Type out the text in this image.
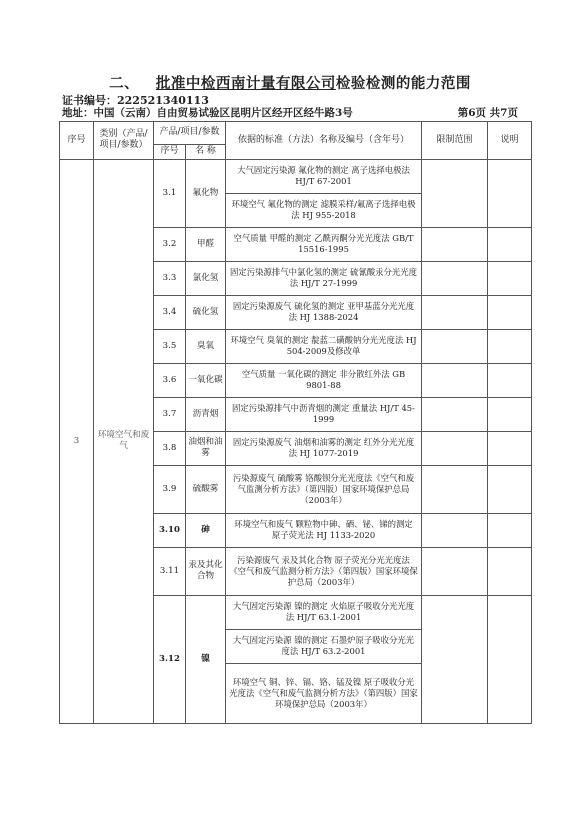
二、 批准中检西南计量有限公司检验检测的能力范围
证书编号：222521340113
地址：中国（云南）自由贸易试验区昆明片区经开区经牛路3号	第6页 共7页
序号	类别（产品/项目/参数）	产品/项目/参数		依据的标准（方法）名称及编号（含年号）	限制范围	说明
		序号	名 称			
3	环境空气和废气	3.1	氟化物	大气固定污染源 氟化物的测定 离子选择电极法 HJ/T 67-2001		
				环境空气 氟化物的测定 滤膜采样/氟离子选择电极法 HJ 955-2018		
		3.2	甲醛	空气质量 甲醛的测定 乙酰丙酮分光光度法 GB/T 15516-1995		
		3.3	氯化氢	固定污染源排气中氯化氢的测定 硫氰酸汞分光光度法 HJ/T 27-1999		
		3.4	硫化氢	固定污染源废气 硫化氢的测定 亚甲基蓝分光光度法 HJ 1388-2024		
		3.5	臭氧	环境空气 臭氧的测定 靛蓝二磺酸钠分光光度法 HJ 504-2009及修改单		
		3.6	一氧化碳	空气质量 一氧化碳的测定 非分散红外法 GB 9801-88		
		3.7	沥青烟	固定污染源排气中沥青烟的测定 重量法 HJ/T 45-1999		
		3.8	油烟和油雾	固定污染源废气 油烟和油雾的测定 红外分光光度法 HJ 1077-2019		
		3.9	硫酸雾	污染源废气 硫酸雾 铬酸钡分光光度法《空气和废气监测分析方法》（第四版）国家环境保护总局（2003年）		
		3.10	砷	环境空气和废气 颗粒物中砷、硒、铋、锑的测定 原子荧光法 HJ 1133-2020		
		3.11	汞及其化合物	污染源废气 汞及其化合物 原子荧光分光光度法《空气和废气监测分析方法》（第四版）国家环境保护总局（2003年）		
		3.12	镍	大气固定污染源 镍的测定 火焰原子吸收分光光度法 HJ/T 63.1-2001		
				大气固定污染源 镍的测定 石墨炉原子吸收分光光度法 HJ/T 63.2-2001		
				环境空气 铜、锌、镉、铬、锰及镍 原子吸收分光光度法《空气和废气监测分析方法》（第四版）国家环境保护总局（2003年）		
